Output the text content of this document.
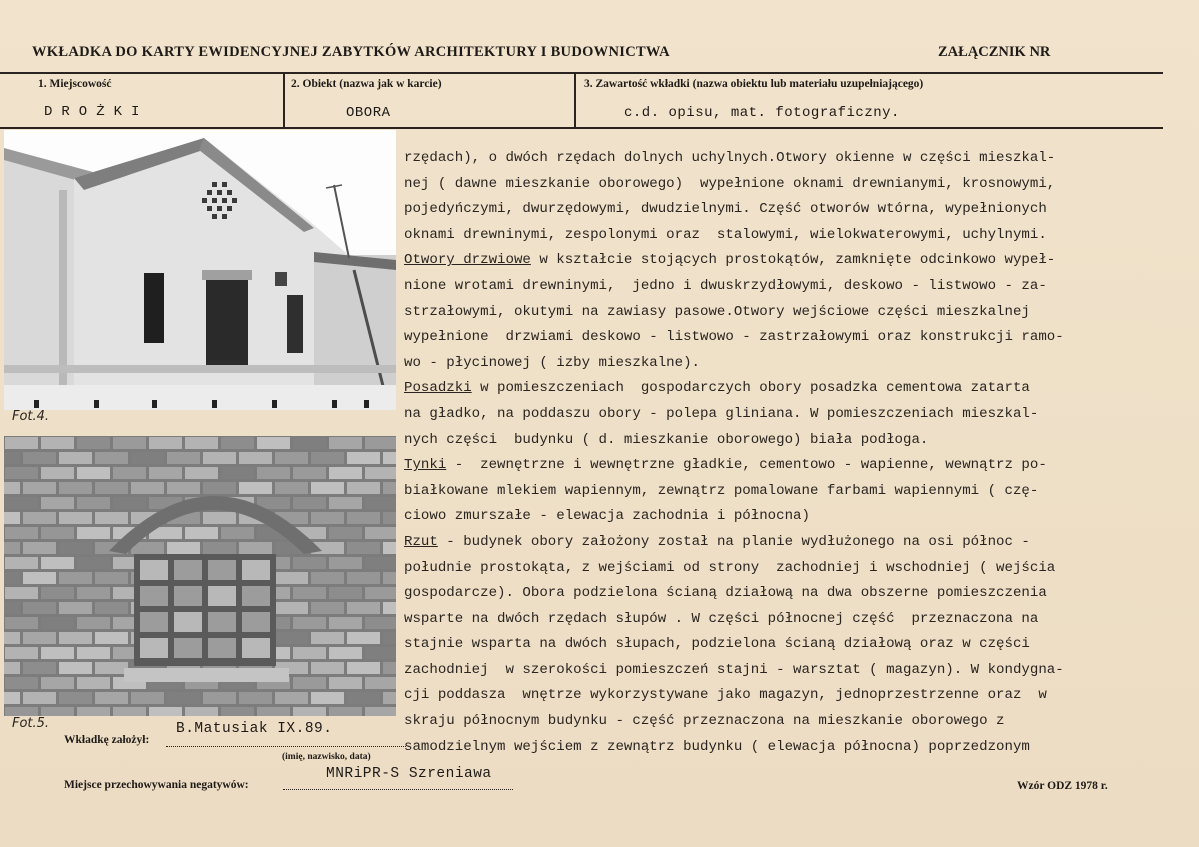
WKŁADKA DO KARTY EWIDENCYJNEJ ZABYTKÓW ARCHITEKTURY I BUDOWNICTWA	ZAŁĄCZNIK NR
1. Miejscowość
DROŻKI
2. Obiekt (nazwa jak w karcie)
OBORA
3. Zawartość wkładki (nazwa obiektu lub materiału uzupełniającego)
c.d. opisu, mat. fotograficzny.
Fot.4.
Fot.5.
rzędach), o dwóch rzędach dolnych uchylnych.Otwory okienne w części mieszkal-
nej ( dawne mieszkanie oborowego)  wypełnione oknami drewnianymi, krosnowymi,
pojedyńczymi, dwurzędowymi, dwudzielnymi. Część otworów wtórna, wypełnionych
oknami drewninymi, zespolonymi oraz  stalowymi, wielokwaterowymi, uchylnymi.
Otwory drzwiowe w kształcie stojących prostokątów, zamknięte odcinkowo wypeł-
nione wrotami drewninymi,  jedno i dwuskrzydłowymi, deskowo - listwowo - za-
strzałowymi, okutymi na zawiasy pasowe.Otwory wejściowe części mieszkalnej
wypełnione  drzwiami deskowo - listwowo - zastrzałowymi oraz konstrukcji ramo-
wo - płycinowej ( izby mieszkalne).
Posadzki w pomieszczeniach  gospodarczych obory posadzka cementowa zatarta
na gładko, na poddaszu obory - polepa gliniana. W pomieszczeniach mieszkal-
nych części  budynku ( d. mieszkanie oborowego) biała podłoga.
Tynki -  zewnętrzne i wewnętrzne gładkie, cementowo - wapienne, wewnątrz po-
białkowane mlekiem wapiennym, zewnątrz pomalowane farbami wapiennymi ( czę-
ciowo zmurszałe - elewacja zachodnia i północna)
Rzut - budynek obory założony został na planie wydłużonego na osi północ -
południe prostokąta, z wejściami od strony  zachodniej i wschodniej ( wejścia
gospodarcze). Obora podzielona ścianą działową na dwa obszerne pomieszczenia
wsparte na dwóch rzędach słupów . W części północnej część  przeznaczona na
stajnie wsparta na dwóch słupach, podzielona ścianą działową oraz w części
zachodniej  w szerokości pomieszczeń stajni - warsztat ( magazyn). W kondygna-
cji poddasza  wnętrze wykorzystywane jako magazyn, jednoprzestrzenne oraz  w
skraju północnym budynku - część przeznaczona na mieszkanie oborowego z
samodzielnym wejściem z zewnątrz budynku ( elewacja północna) poprzedzonym
Wkładkę założył:
B.Matusiak IX.89.
(imię, nazwisko, data)
Miejsce przechowywania negatywów:
MNRiPR-S Szreniawa
Wzór ODZ 1978 r.
